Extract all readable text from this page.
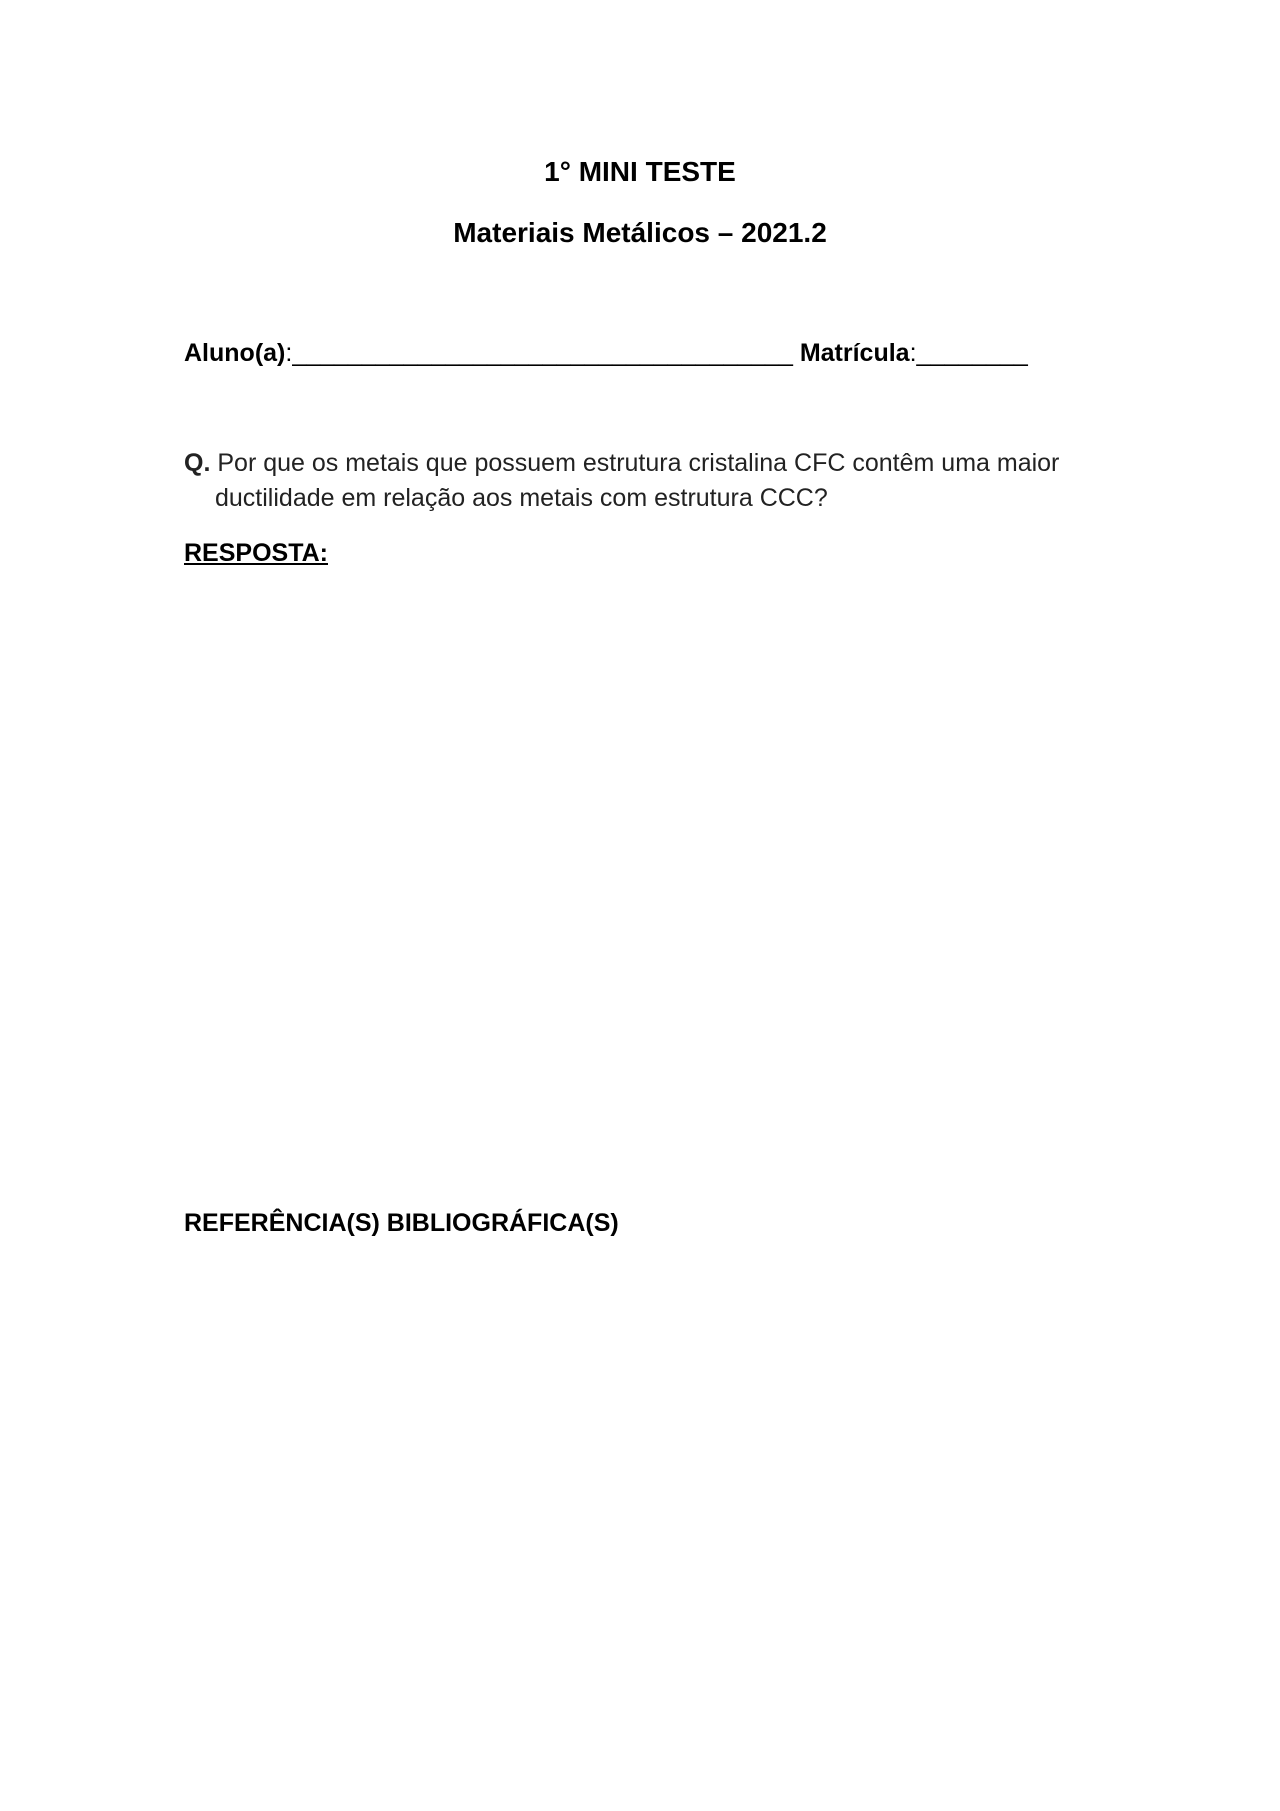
1° MINI TESTE
Materiais Metálicos – 2021.2
Aluno(a):____________________________________ Matrícula:________
Q. Por que os metais que possuem estrutura cristalina CFC contêm uma maior
ductilidade em relação aos metais com estrutura CCC?
RESPOSTA:
REFERÊNCIA(S) BIBLIOGRÁFICA(S)
